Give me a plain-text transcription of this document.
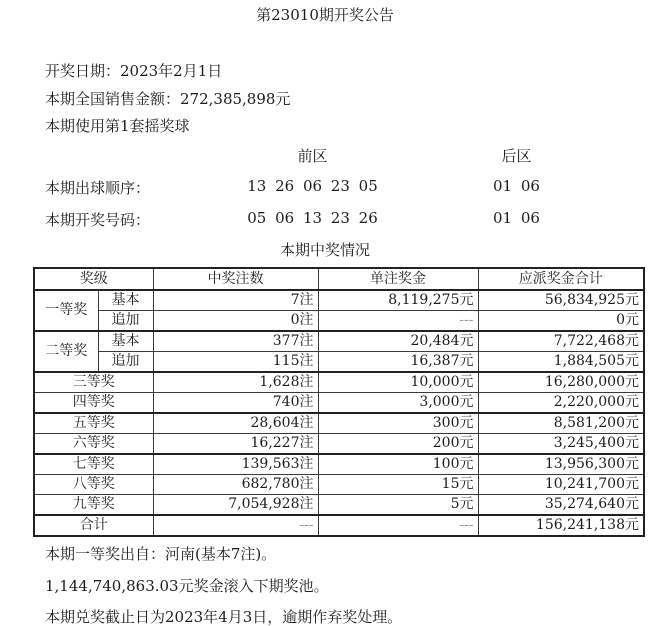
第23010期开奖公告
开奖日期：2023年2月1日
本期全国销售金额：272,385,898元
本期使用第1套摇奖球
前区	后区
本期出球顺序：	13 26 06 23 05	01 06
本期开奖号码：	05 06 13 23 26	01 06
本期中奖情况
奖级		中奖注数	单注奖金	应派奖金合计
一等奖	基本	7注	8,119,275元	56,834,925元
	追加	0注	---	0元
二等奖	基本	377注	20,484元	7,722,468元
	追加	115注	16,387元	1,884,505元
三等奖		1,628注	10,000元	16,280,000元
四等奖		740注	3,000元	2,220,000元
五等奖		28,604注	300元	8,581,200元
六等奖		16,227注	200元	3,245,400元
七等奖		139,563注	100元	13,956,300元
八等奖		682,780注	15元	10,241,700元
九等奖		7,054,928注	5元	35,274,640元
合计		---	---	156,241,138元
本期一等奖出自：河南(基本7注)。
1,144,740,863.03元奖金滚入下期奖池。
本期兑奖截止日为2023年4月3日，逾期作弃奖处理。
